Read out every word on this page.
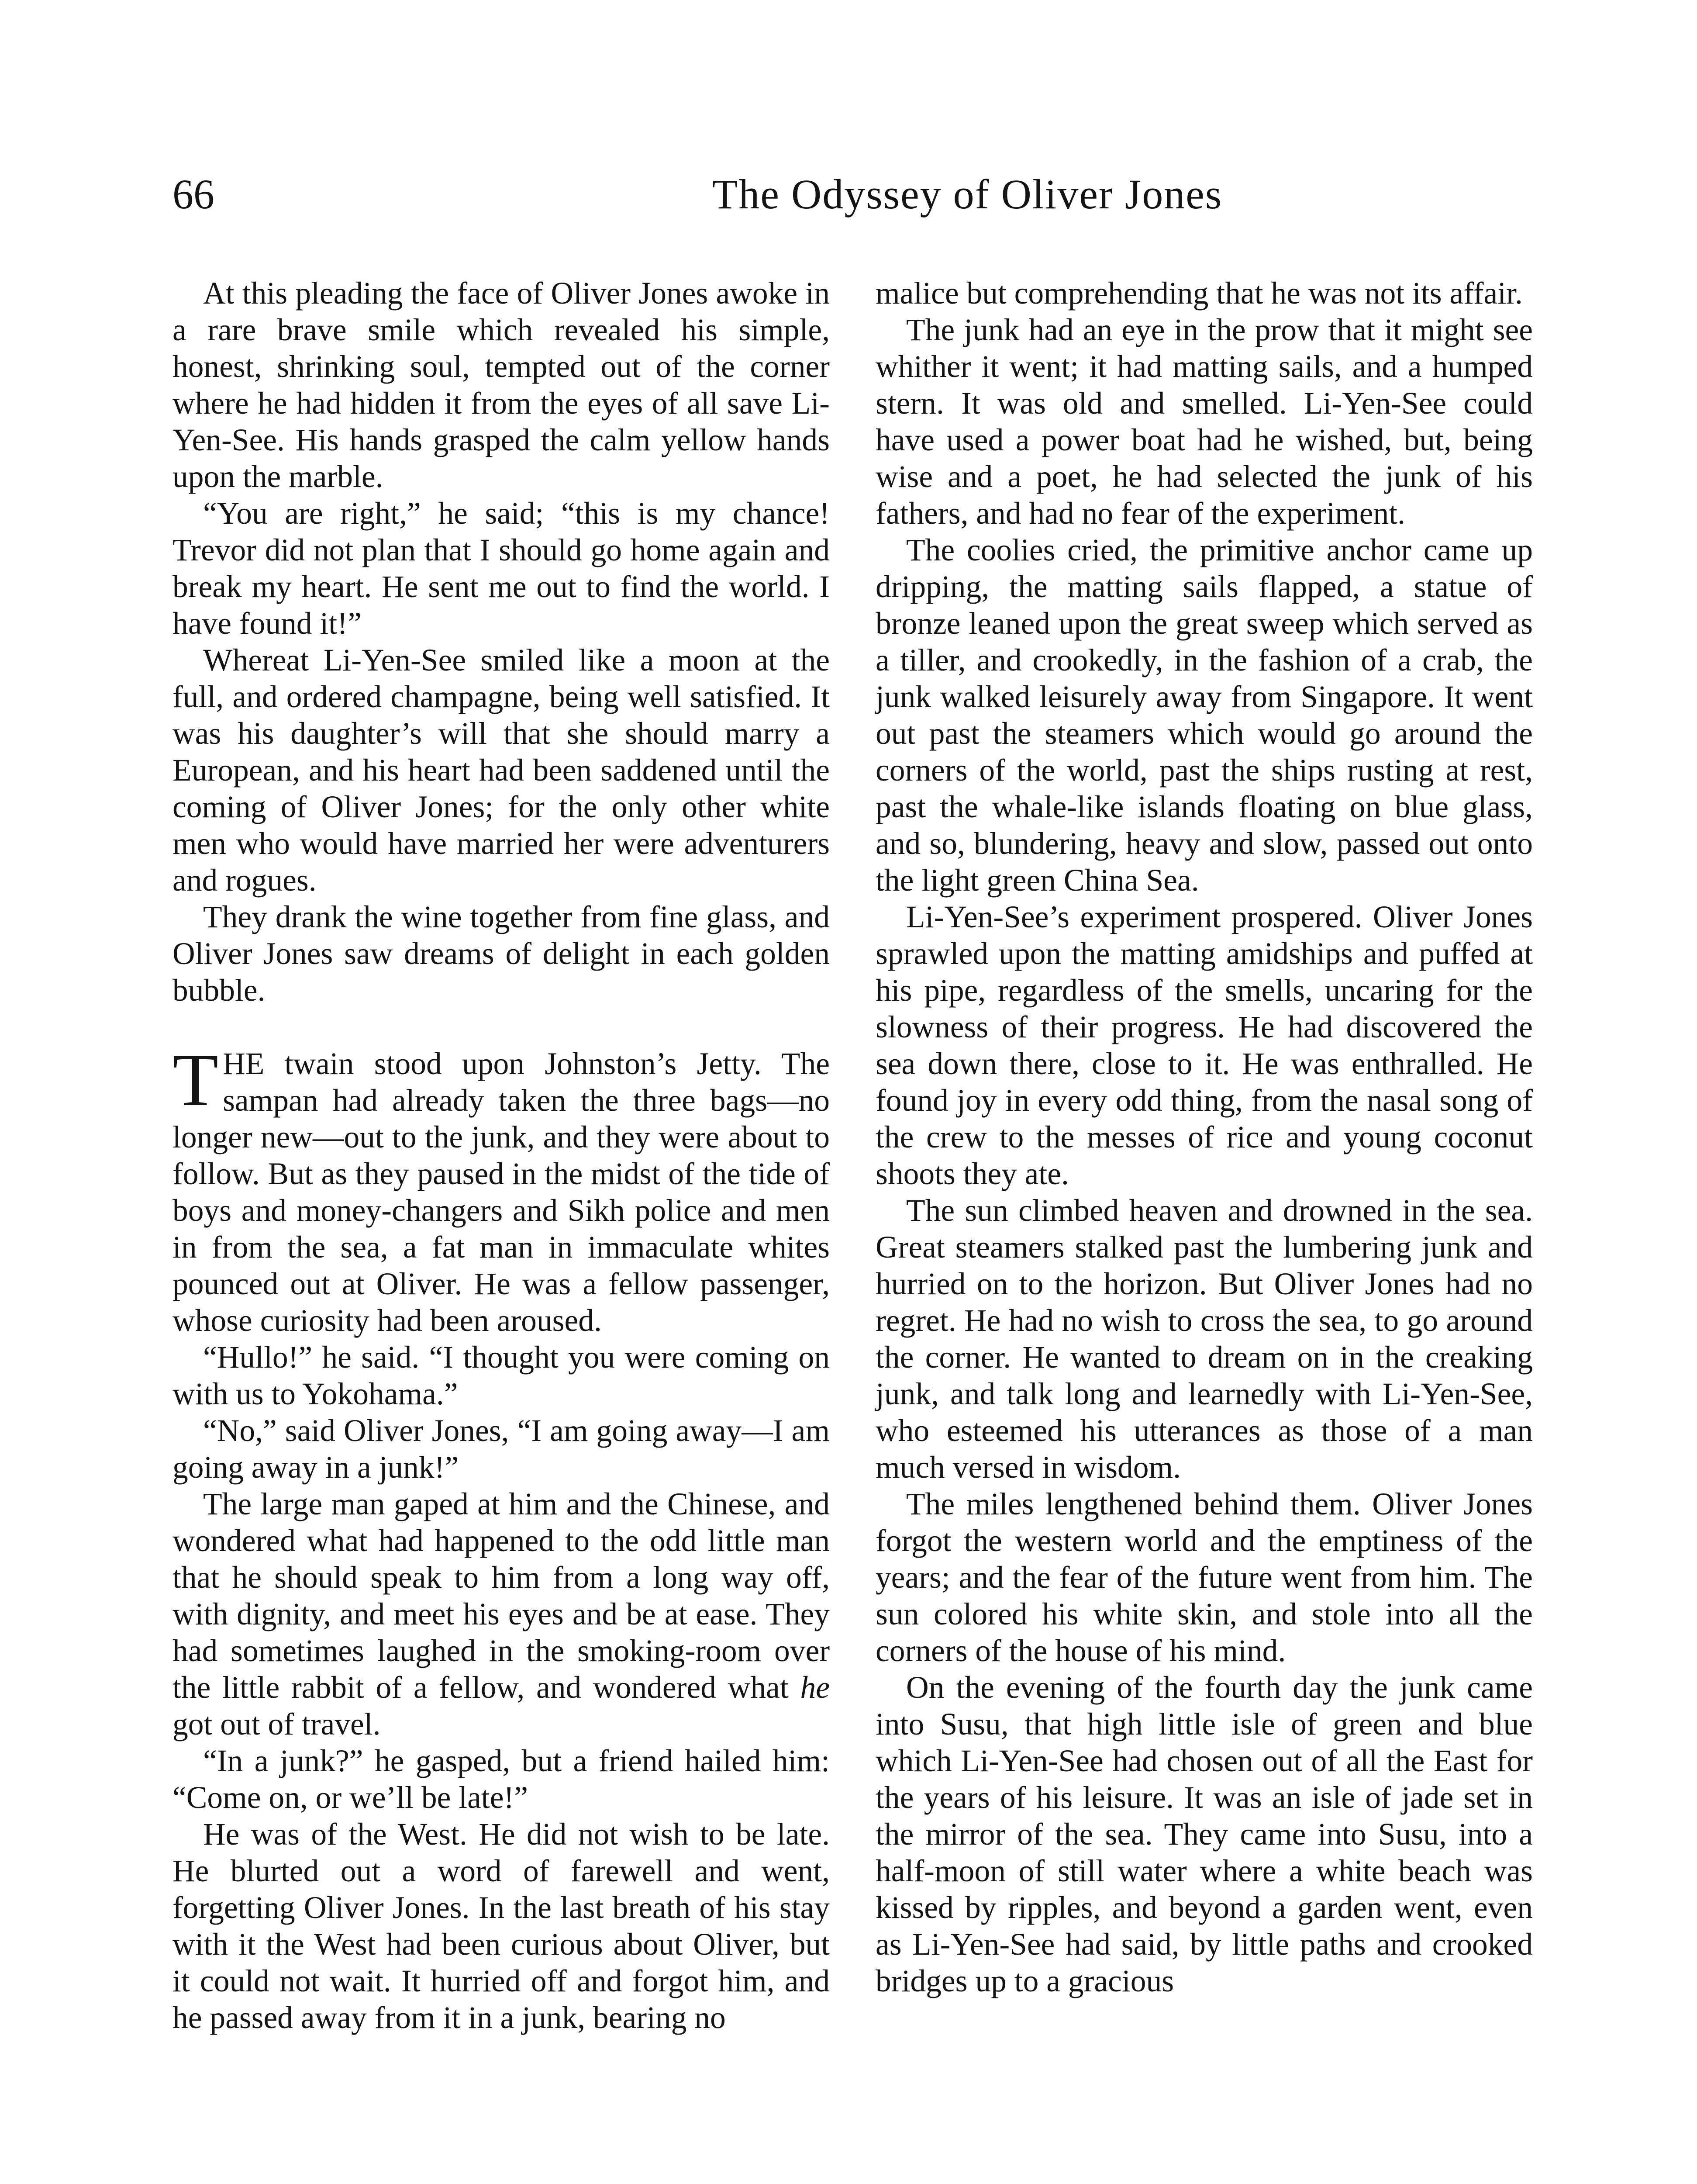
66	The Odyssey of Oliver Jones

At this pleading the face of Oliver Jones awoke in a rare brave smile which revealed his simple, honest, shrinking soul, tempted out of the corner where he had hidden it from the eyes of all save Li-Yen-See. His hands grasped the calm yellow hands upon the marble.

“You are right,” he said; “this is my chance! Trevor did not plan that I should go home again and break my heart. He sent me out to find the world. I have found it!”

Whereat Li-Yen-See smiled like a moon at the full, and ordered champagne, being well satisfied. It was his daughter’s will that she should marry a European, and his heart had been saddened until the coming of Oliver Jones; for the only other white men who would have married her were adventurers and rogues.

They drank the wine together from fine glass, and Oliver Jones saw dreams of delight in each golden bubble.

THE twain stood upon Johnston’s Jetty. The sampan had already taken the three bags—no longer new—out to the junk, and they were about to follow. But as they paused in the midst of the tide of boys and money-changers and Sikh police and men in from the sea, a fat man in immaculate whites pounced out at Oliver. He was a fellow passenger, whose curiosity had been aroused.

“Hullo!” he said. “I thought you were coming on with us to Yokohama.”

“No,” said Oliver Jones, “I am going away—I am going away in a junk!”

The large man gaped at him and the Chinese, and wondered what had happened to the odd little man that he should speak to him from a long way off, with dignity, and meet his eyes and be at ease. They had sometimes laughed in the smoking-room over the little rabbit of a fellow, and wondered what he got out of travel.

“In a junk?” he gasped, but a friend hailed him: “Come on, or we’ll be late!”

He was of the West. He did not wish to be late. He blurted out a word of farewell and went, forgetting Oliver Jones. In the last breath of his stay with it the West had been curious about Oliver, but it could not wait. It hurried off and forgot him, and he passed away from it in a junk, bearing no

malice but comprehending that he was not its affair.

The junk had an eye in the prow that it might see whither it went; it had matting sails, and a humped stern. It was old and smelled. Li-Yen-See could have used a power boat had he wished, but, being wise and a poet, he had selected the junk of his fathers, and had no fear of the experiment.

The coolies cried, the primitive anchor came up dripping, the matting sails flapped, a statue of bronze leaned upon the great sweep which served as a tiller, and crookedly, in the fashion of a crab, the junk walked leisurely away from Singapore. It went out past the steamers which would go around the corners of the world, past the ships rusting at rest, past the whale-like islands floating on blue glass, and so, blundering, heavy and slow, passed out onto the light green China Sea.

Li-Yen-See’s experiment prospered. Oliver Jones sprawled upon the matting amidships and puffed at his pipe, regardless of the smells, uncaring for the slowness of their progress. He had discovered the sea down there, close to it. He was enthralled. He found joy in every odd thing, from the nasal song of the crew to the messes of rice and young coconut shoots they ate.

The sun climbed heaven and drowned in the sea. Great steamers stalked past the lumbering junk and hurried on to the horizon. But Oliver Jones had no regret. He had no wish to cross the sea, to go around the corner. He wanted to dream on in the creaking junk, and talk long and learnedly with Li-Yen-See, who esteemed his utterances as those of a man much versed in wisdom.

The miles lengthened behind them. Oliver Jones forgot the western world and the emptiness of the years; and the fear of the future went from him. The sun colored his white skin, and stole into all the corners of the house of his mind.

On the evening of the fourth day the junk came into Susu, that high little isle of green and blue which Li-Yen-See had chosen out of all the East for the years of his leisure. It was an isle of jade set in the mirror of the sea. They came into Susu, into a half-moon of still water where a white beach was kissed by ripples, and beyond a garden went, even as Li-Yen-See had said, by little paths and crooked bridges up to a gracious
